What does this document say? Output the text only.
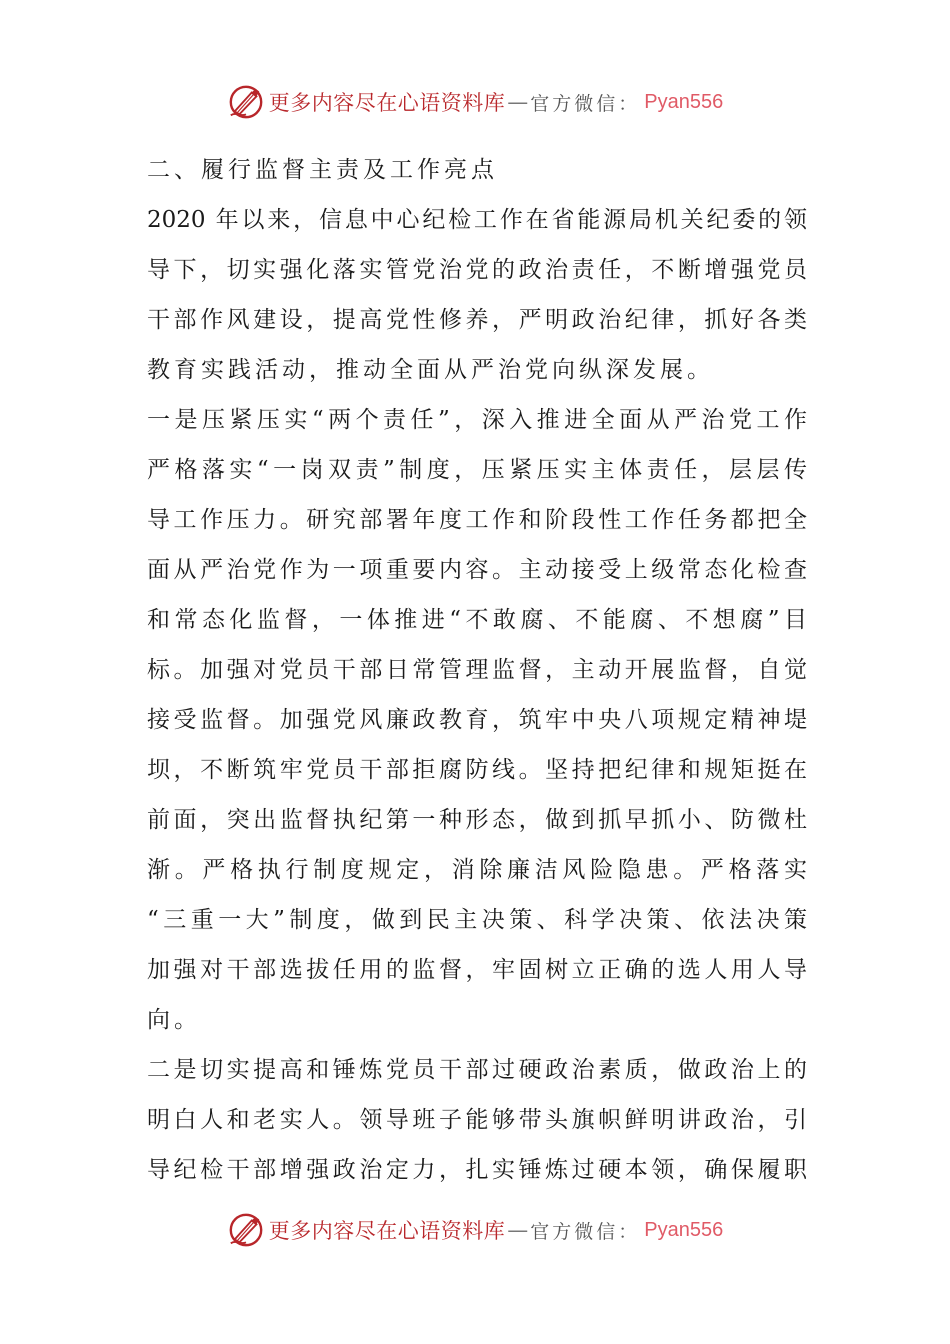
更多内容尽在心语资料库 — 官方微信： Pyan556
二、履行监督主责及工作亮点
2020 年以来，信息中心纪检工作在省能源局机关纪委的领
导下，切实强化落实管党治党的政治责任，不断增强党员
干部作风建设，提高党性修养，严明政治纪律，抓好各类
教育实践活动，推动全面从严治党向纵深发展。
一是压紧压实“两个责任”，深入推进全面从严治党工作
严格落实“一岗双责”制度，压紧压实主体责任，层层传
导工作压力。研究部署年度工作和阶段性工作任务都把全
面从严治党作为一项重要内容。主动接受上级常态化检查
和常态化监督，一体推进“不敢腐、不能腐、不想腐”目
标。加强对党员干部日常管理监督，主动开展监督，自觉
接受监督。加强党风廉政教育，筑牢中央八项规定精神堤
坝，不断筑牢党员干部拒腐防线。坚持把纪律和规矩挺在
前面，突出监督执纪第一种形态，做到抓早抓小、防微杜
渐。严格执行制度规定，消除廉洁风险隐患。严格落实
“三重一大”制度，做到民主决策、科学决策、依法决策
加强对干部选拔任用的监督，牢固树立正确的选人用人导
向。
二是切实提高和锤炼党员干部过硬政治素质，做政治上的
明白人和老实人。领导班子能够带头旗帜鲜明讲政治，引
导纪检干部增强政治定力，扎实锤炼过硬本领，确保履职
更多内容尽在心语资料库 — 官方微信： Pyan556
